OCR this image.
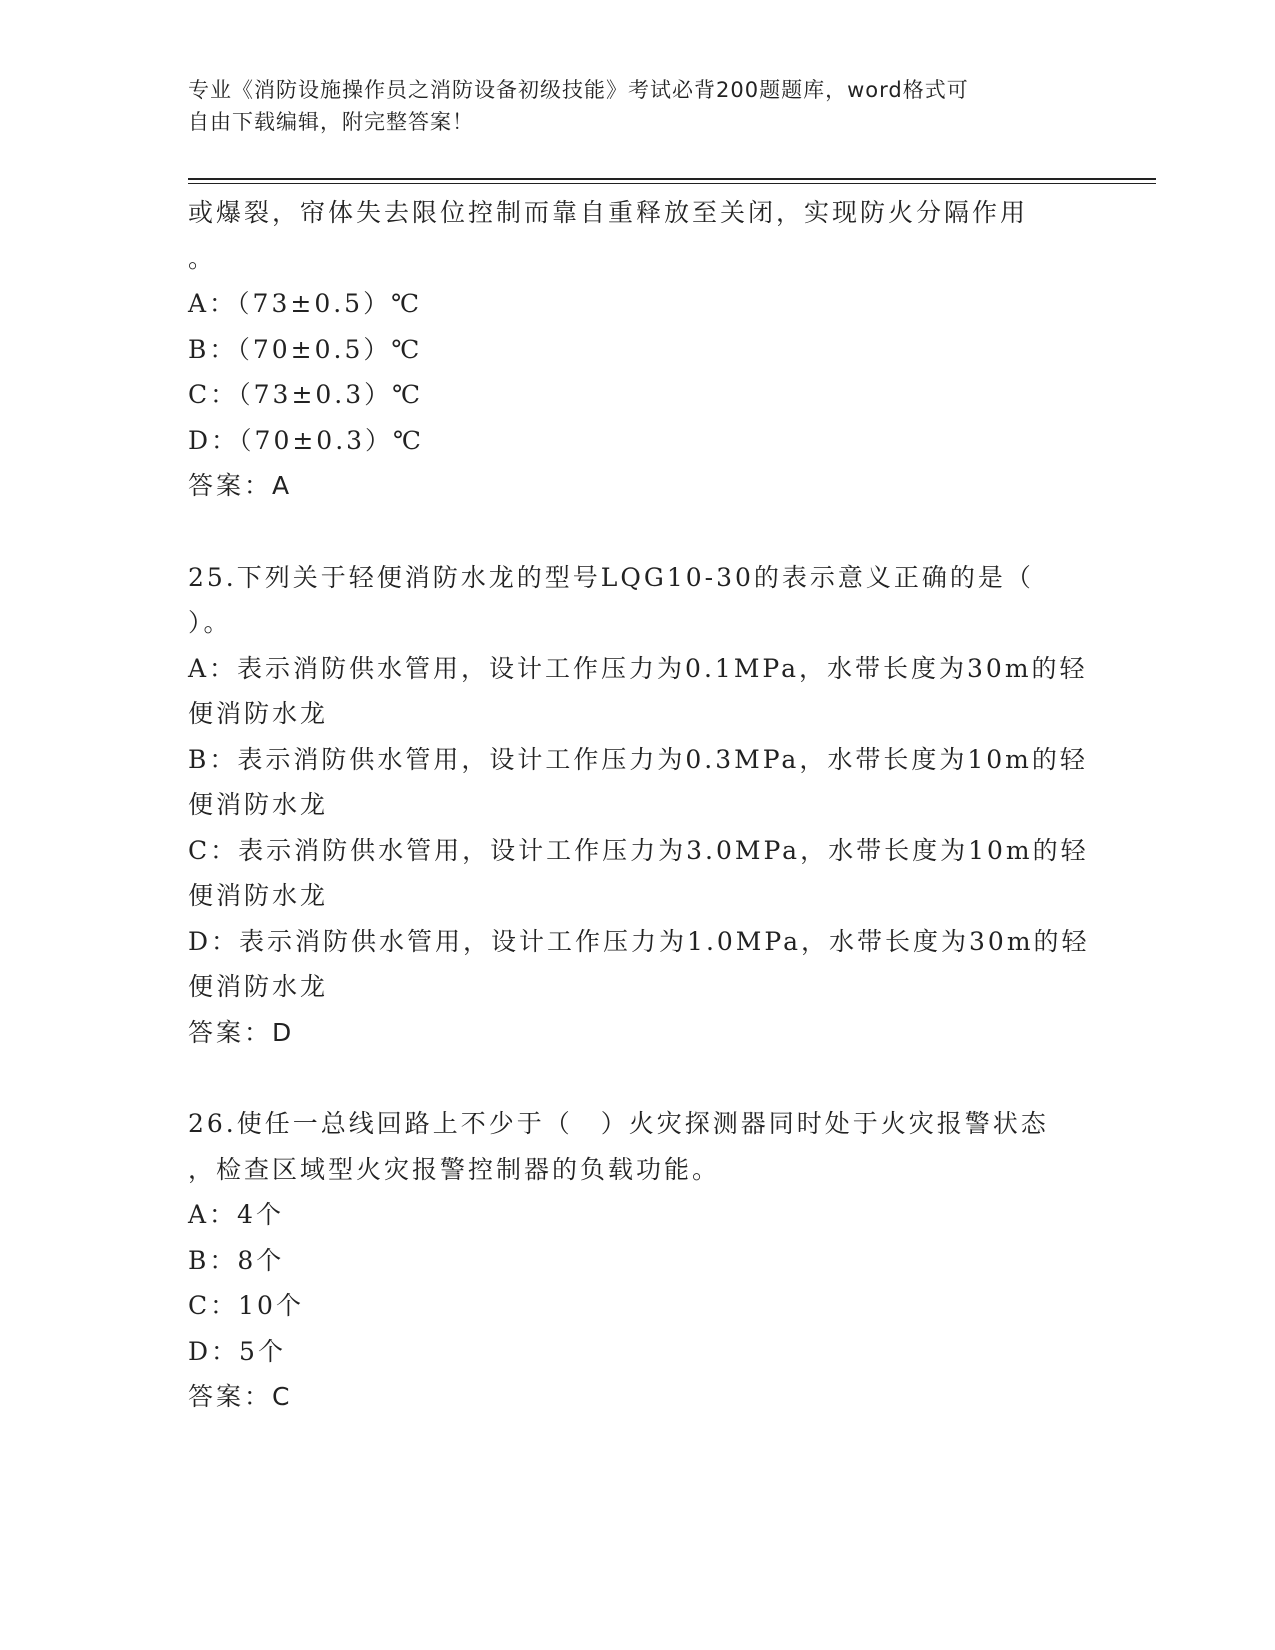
专业《消防设施操作员之消防设备初级技能》考试必背200题题库，word格式可
自由下载编辑，附完整答案！
或爆裂，帘体失去限位控制而靠自重释放至关闭，实现防火分隔作用
。
A：（73±0.5）℃
B：（70±0.5）℃
C：（73±0.3）℃
D：（70±0.3）℃
答案：A
25.下列关于轻便消防水龙的型号LQG10-30的表示意义正确的是（
）。
A：表示消防供水管用，设计工作压力为0.1MPa，水带长度为30m的轻
便消防水龙
B：表示消防供水管用，设计工作压力为0.3MPa，水带长度为10m的轻
便消防水龙
C：表示消防供水管用，设计工作压力为3.0MPa，水带长度为10m的轻
便消防水龙
D：表示消防供水管用，设计工作压力为1.0MPa，水带长度为30m的轻
便消防水龙
答案：D
26.使任一总线回路上不少于（　）火灾探测器同时处于火灾报警状态
，检查区域型火灾报警控制器的负载功能。
A：4个
B：8个
C：10个
D：5个
答案：C
